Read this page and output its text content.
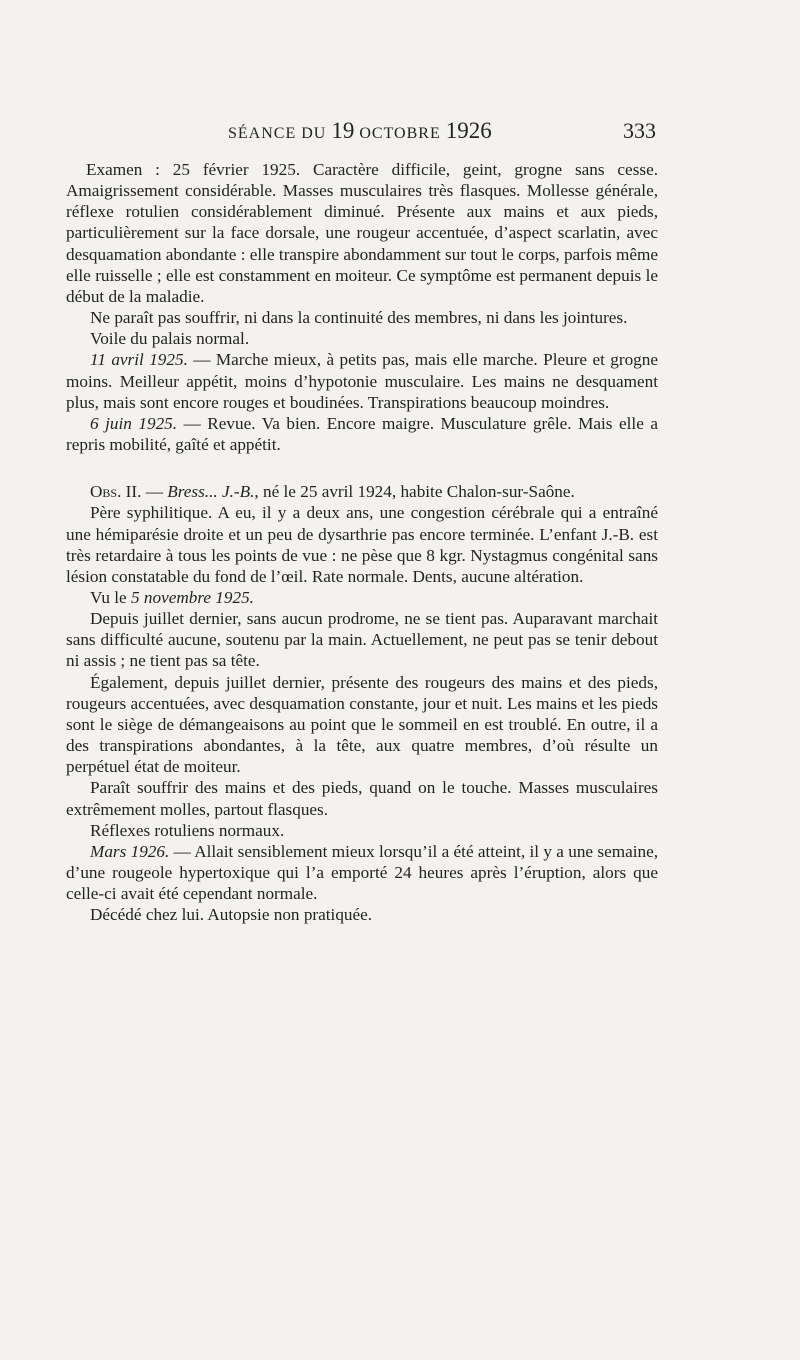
SÉANCE DU 19 OCTOBRE 1926	333

Examen : 25 février 1925. Caractère difficile, geint, grogne sans cesse. Amaigrissement considérable. Masses musculaires très flasques. Mollesse générale, réflexe rotulien considérablement diminué. Présente aux mains et aux pieds, particulièrement sur la face dorsale, une rougeur accentuée, d’aspect scarlatin, avec desquamation abondante : elle transpire abondamment sur tout le corps, parfois même elle ruisselle ; elle est constamment en moiteur. Ce symptôme est permanent depuis le début de la maladie.

Ne paraît pas souffrir, ni dans la continuité des membres, ni dans les jointures.

Voile du palais normal.

11 avril 1925. — Marche mieux, à petits pas, mais elle marche. Pleure et grogne moins. Meilleur appétit, moins d’hypotonie musculaire. Les mains ne desquament plus, mais sont encore rouges et boudinées. Transpirations beaucoup moindres.

6 juin 1925. — Revue. Va bien. Encore maigre. Musculature grêle. Mais elle a repris mobilité, gaîté et appétit.

Obs. II. — Bress... J.-B., né le 25 avril 1924, habite Chalon-sur-Saône.

Père syphilitique. A eu, il y a deux ans, une congestion cérébrale qui a entraîné une hémiparésie droite et un peu de dysarthrie pas encore terminée. L’enfant J.-B. est très retardaire à tous les points de vue : ne pèse que 8 kgr. Nystagmus congénital sans lésion constatable du fond de l’œil. Rate normale. Dents, aucune altération.

Vu le 5 novembre 1925.

Depuis juillet dernier, sans aucun prodrome, ne se tient pas. Auparavant marchait sans difficulté aucune, soutenu par la main. Actuellement, ne peut pas se tenir debout ni assis ; ne tient pas sa tête.

Également, depuis juillet dernier, présente des rougeurs des mains et des pieds, rougeurs accentuées, avec desquamation constante, jour et nuit. Les mains et les pieds sont le siège de démangeaisons au point que le sommeil en est troublé. En outre, il a des transpirations abondantes, à la tête, aux quatre membres, d’où résulte un perpétuel état de moiteur.

Paraît souffrir des mains et des pieds, quand on le touche. Masses musculaires extrêmement molles, partout flasques.

Réflexes rotuliens normaux.

Mars 1926. — Allait sensiblement mieux lorsqu’il a été atteint, il y a une semaine, d’une rougeole hypertoxique qui l’a emporté 24 heures après l’éruption, alors que celle-ci avait été cependant normale.

Décédé chez lui. Autopsie non pratiquée.
